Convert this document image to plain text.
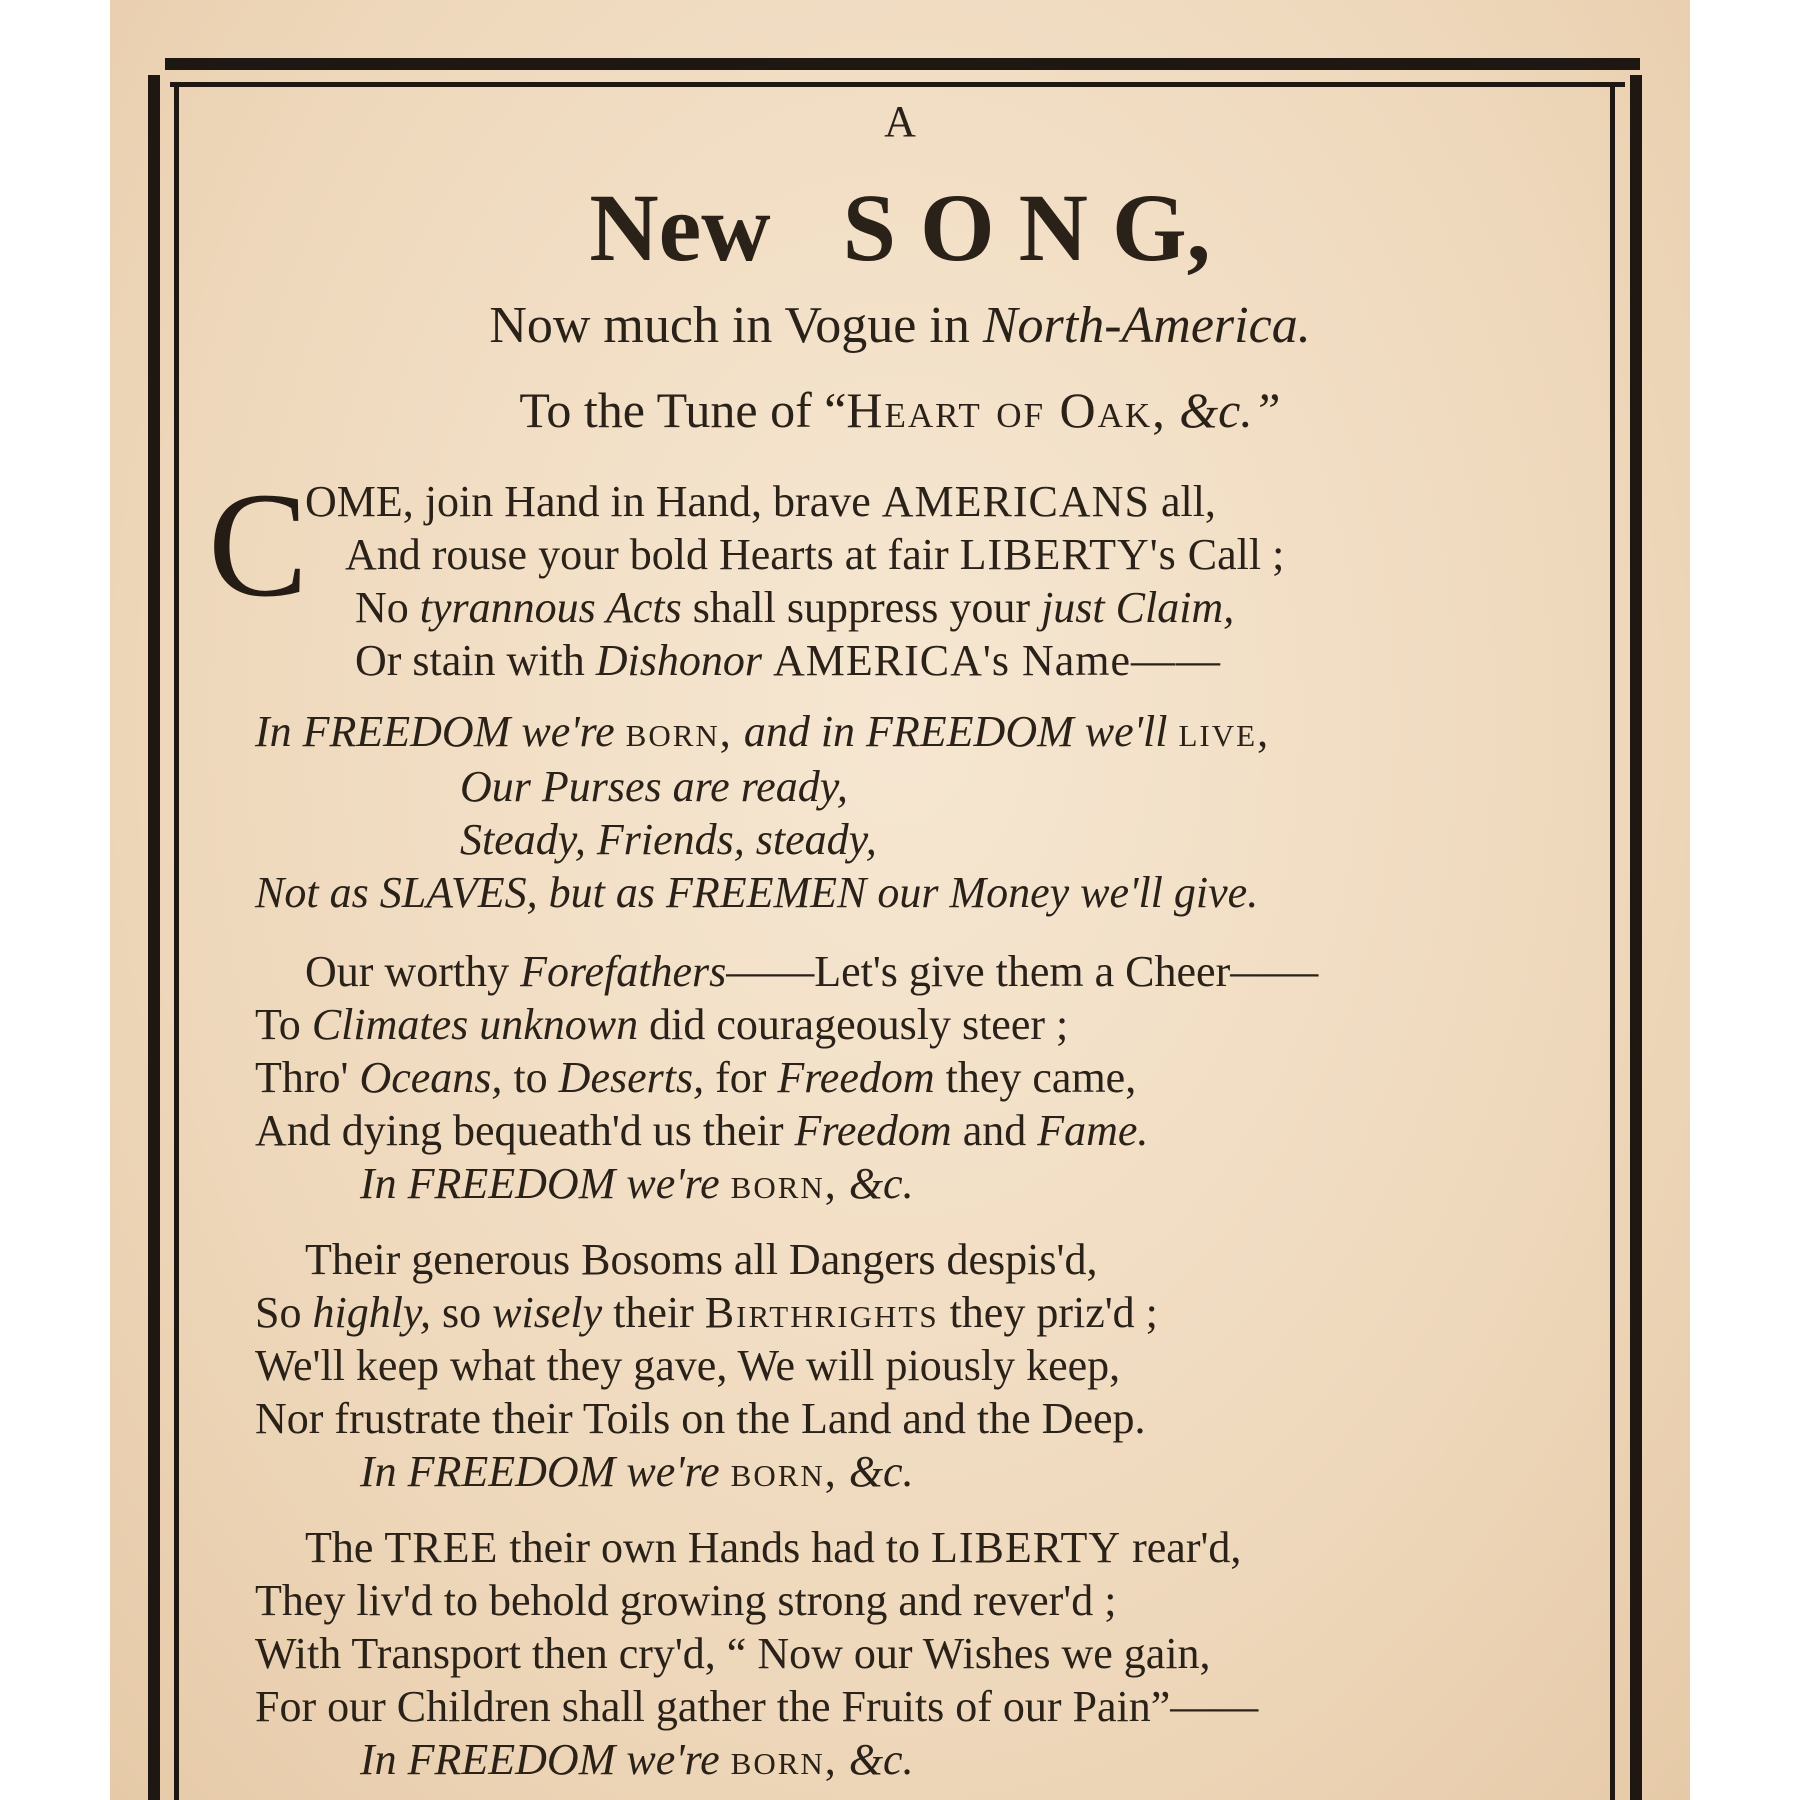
A
New S O N G,
Now much in Vogue in North-America.
To the Tune of “Heart of Oak, &c.”
C
OME, join Hand in Hand, brave AMERICANS all,
And rouse your bold Hearts at fair LIBERTY's Call ;
No tyrannous Acts shall suppress your just Claim,
Or stain with Dishonor AMERICA's Name——
In FREEDOM we're born, and in FREEDOM we'll live,
Our Purses are ready,
Steady, Friends, steady,
Not as SLAVES, but as FREEMEN our Money we'll give.
Our worthy Forefathers——Let's give them a Cheer——
To Climates unknown did courageously steer ;
Thro' Oceans, to Deserts, for Freedom they came,
And dying bequeath'd us their Freedom and Fame.
In FREEDOM we're born, &c.
Their generous Bosoms all Dangers despis'd,
So highly, so wisely their Birthrights they priz'd ;
We'll keep what they gave, We will piously keep,
Nor frustrate their Toils on the Land and the Deep.
In FREEDOM we're born, &c.
The TREE their own Hands had to LIBERTY rear'd,
They liv'd to behold growing strong and rever'd ;
With Transport then cry'd, “ Now our Wishes we gain,
For our Children shall gather the Fruits of our Pain”——
In FREEDOM we're born, &c.
